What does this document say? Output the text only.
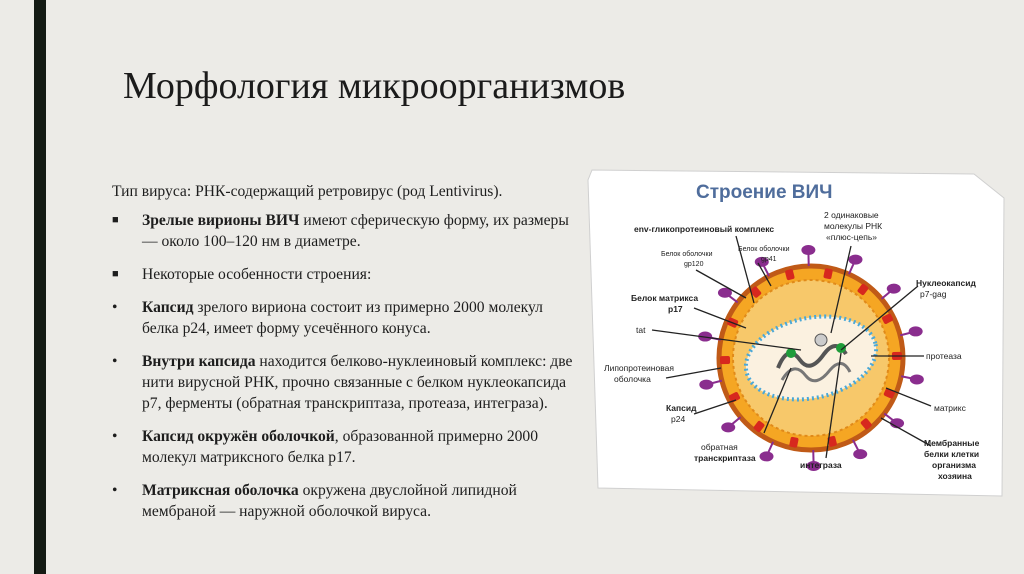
Морфология микроорганизмов

Тип вируса: РНК-содержащий ретровирус (род Lentivirus).

■	Зрелые вирионы ВИЧ имеют сферическую форму, их размеры — около 100–120 нм в диаметре.
■	Некоторые особенности строения:
•	Капсид зрелого вириона состоит из примерно 2000 молекул белка p24, имеет форму усечённого конуса.
•	Внутри капсида находится белково-нуклеиновый комплекс: две нити вирусной РНК, прочно связанные с белком нуклеокапсида p7, ферменты (обратная транскриптаза, протеаза, интеграза).
•	Капсид окружён оболочкой, образованной примерно 2000 молекул матриксного белка p17.
•	Матриксная оболочка окружена двуслойной липидной мембраной — наружной оболочкой вируса.
Строение ВИЧ
env-гликопротеиновый комплекс
2 одинаковые
молекулы РНК
«плюс-цепь»
Белок оболочки
gp41
Белок оболочки
gp120
Белок матрикса
p17
Нуклеокапсид
p7-gag
tat
протеаза
Липопротеиновая
оболочка
Капсид
p24
матрикс
обратная
транскриптаза
интеграза
Мембранные
белки клетки
организма
хозяина
